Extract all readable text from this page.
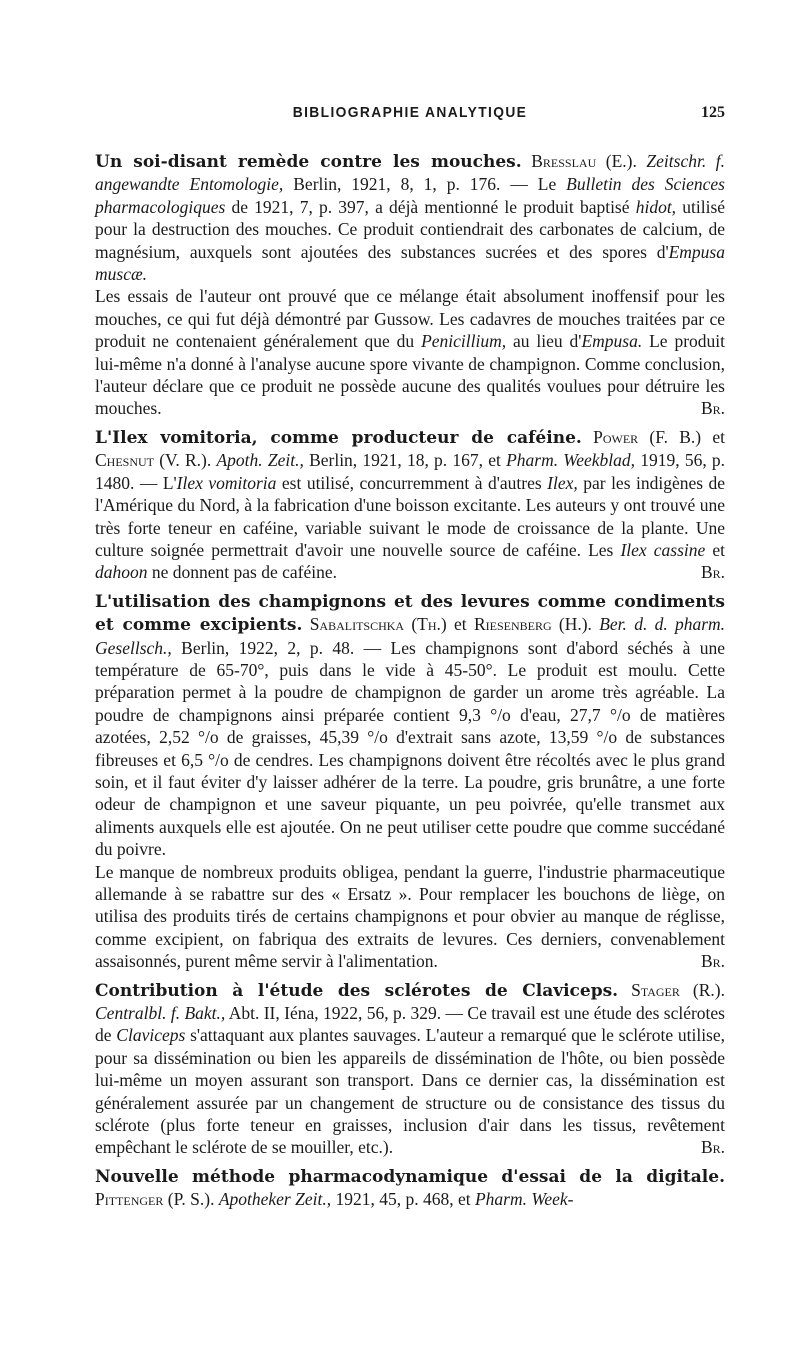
BIBLIOGRAPHIE ANALYTIQUE	125

Un soi-disant remède contre les mouches. Bresslau (E.). Zeitschr. f. angewandte Entomologie, Berlin, 1921, 8, 1, p. 176. — Le Bulletin des Sciences pharmacologiques de 1921, 7, p. 397, a déjà mentionné le produit baptisé hidot, utilisé pour la destruction des mouches. Ce produit contiendrait des carbonates de calcium, de magnésium, auxquels sont ajoutées des substances sucrées et des spores d'Empusa muscæ.

Les essais de l'auteur ont prouvé que ce mélange était absolument inoffensif pour les mouches, ce qui fut déjà démontré par Gussow. Les cadavres de mouches traitées par ce produit ne contenaient généralement que du Penicillium, au lieu d'Empusa. Le produit lui-même n'a donné à l'analyse aucune spore vivante de champignon. Comme conclusion, l'auteur déclare que ce produit ne possède aucune des qualités voulues pour détruire les mouches.	Br.

L'Ilex vomitoria, comme producteur de caféine. Power (F. B.) et Chesnut (V. R.). Apoth. Zeit., Berlin, 1921, 18, p. 167, et Pharm. Weekblad, 1919, 56, p. 1480. — L'Ilex vomitoria est utilisé, concurremment à d'autres Ilex, par les indigènes de l'Amérique du Nord, à la fabrication d'une boisson excitante. Les auteurs y ont trouvé une très forte teneur en caféine, variable suivant le mode de croissance de la plante. Une culture soignée permettrait d'avoir une nouvelle source de caféine. Les Ilex cassine et dahoon ne donnent pas de caféine.	Br.

L'utilisation des champignons et des levures comme condiments et comme excipients. Sabalitschka (Th.) et Riesenberg (H.). Ber. d. d. pharm. Gesellsch., Berlin, 1922, 2, p. 48. — Les champignons sont d'abord séchés à une température de 65-70°, puis dans le vide à 45-50°. Le produit est moulu. Cette préparation permet à la poudre de champignon de garder un arome très agréable. La poudre de champignons ainsi préparée contient 9,3 °/o d'eau, 27,7 °/o de matières azotées, 2,52 °/o de graisses, 45,39 °/o d'extrait sans azote, 13,59 °/o de substances fibreuses et 6,5 °/o de cendres. Les champignons doivent être récoltés avec le plus grand soin, et il faut éviter d'y laisser adhérer de la terre. La poudre, gris brunâtre, a une forte odeur de champignon et une saveur piquante, un peu poivrée, qu'elle transmet aux aliments auxquels elle est ajoutée. On ne peut utiliser cette poudre que comme succédané du poivre.

Le manque de nombreux produits obligea, pendant la guerre, l'industrie pharmaceutique allemande à se rabattre sur des « Ersatz ». Pour remplacer les bouchons de liège, on utilisa des produits tirés de certains champignons et pour obvier au manque de réglisse, comme excipient, on fabriqua des extraits de levures. Ces derniers, convenablement assaisonnés, purent même servir à l'alimentation.	Br.

Contribution à l'étude des sclérotes de Claviceps. Stager (R.). Centralbl. f. Bakt., Abt. II, Iéna, 1922, 56, p. 329. — Ce travail est une étude des sclérotes de Claviceps s'attaquant aux plantes sauvages. L'auteur a remarqué que le sclérote utilise, pour sa dissémination ou bien les appareils de dissémination de l'hôte, ou bien possède lui-même un moyen assurant son transport. Dans ce dernier cas, la dissémination est généralement assurée par un changement de structure ou de consistance des tissus du sclérote (plus forte teneur en graisses, inclusion d'air dans les tissus, revêtement empêchant le sclérote de se mouiller, etc.).	Br.

Nouvelle méthode pharmacodynamique d'essai de la digitale. Pittenger (P. S.). Apotheker Zeit., 1921, 45, p. 468, et Pharm. Week-
